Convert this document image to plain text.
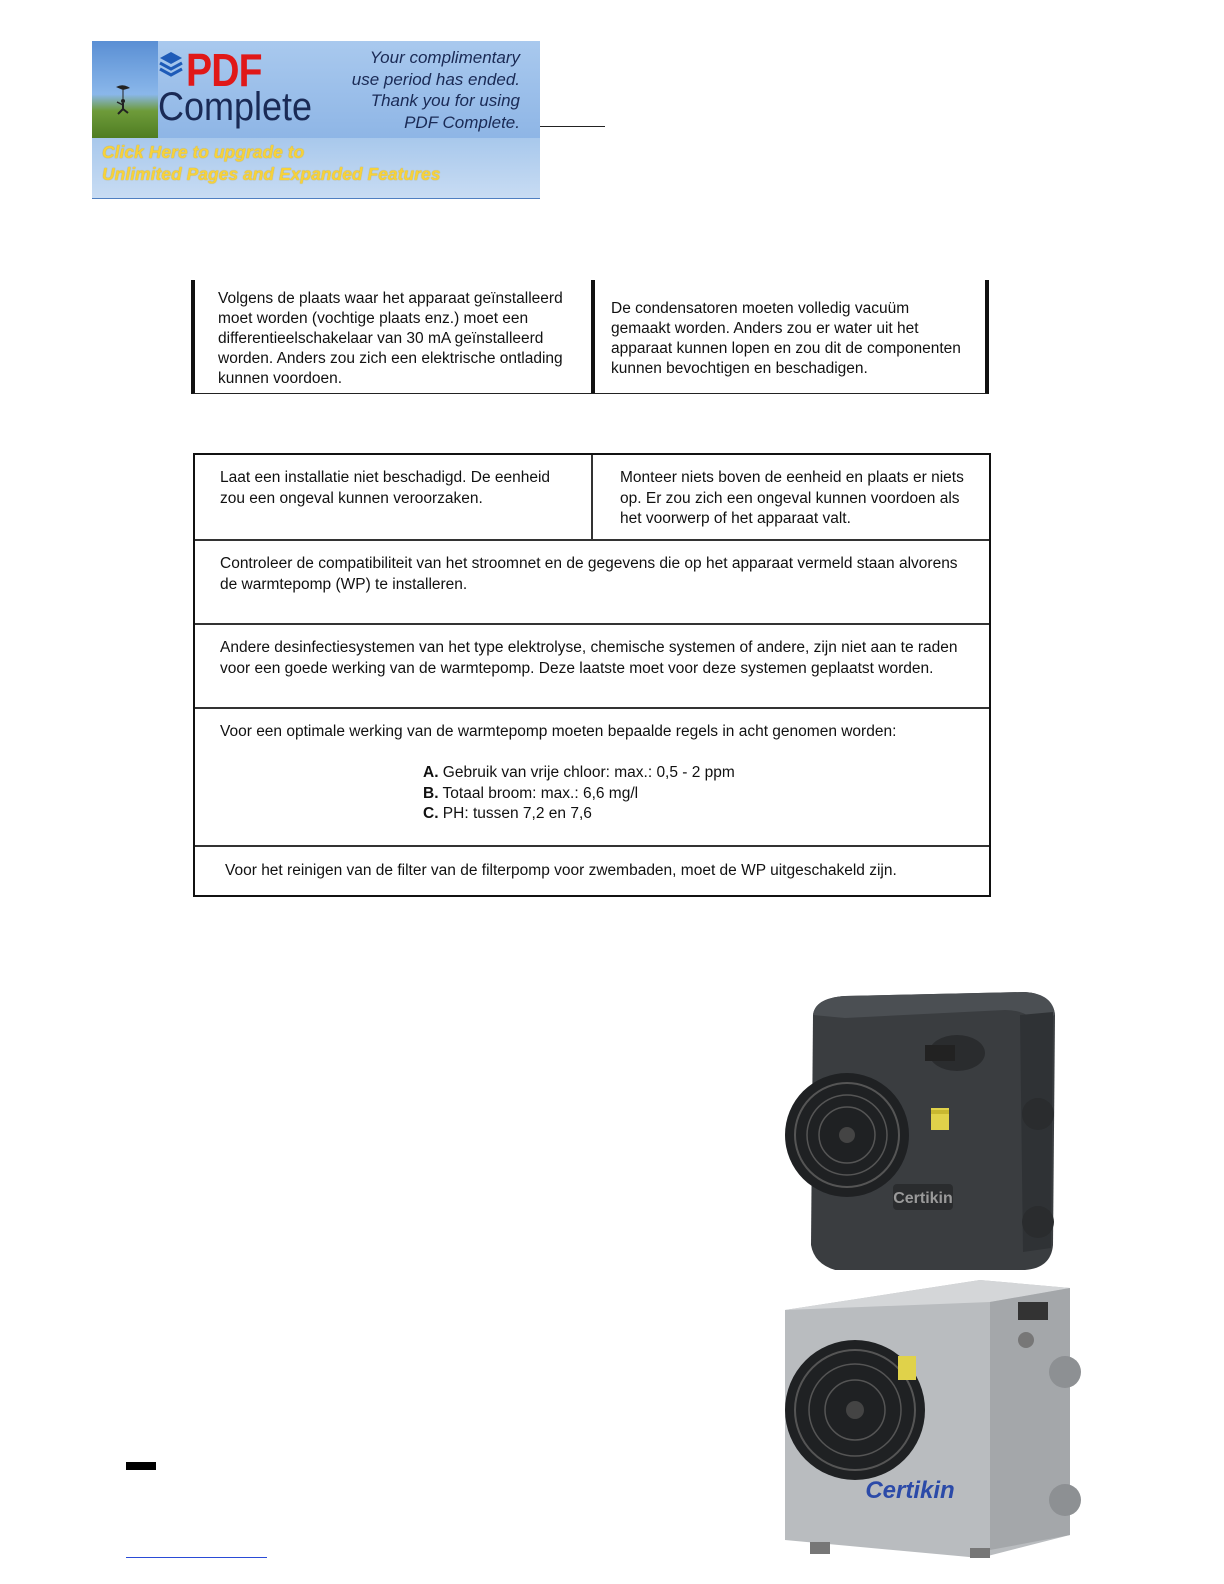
PDF
Complete
Your complimentary
use period has ended.
Thank you for using
PDF Complete.
Click Here to upgrade to
Unlimited Pages and Expanded Features
Volgens de plaats waar het apparaat geïnstalleerd moet worden (vochtige plaats enz.) moet een differentieelschakelaar van 30 mA geïnstalleerd worden. Anders zou zich een elektrische ontlading kunnen voordoen.
De condensatoren moeten volledig vacuüm gemaakt worden. Anders zou er water uit het apparaat kunnen lopen en zou dit de componenten kunnen bevochtigen en beschadigen.
Laat een installatie niet beschadigd. De eenheid zou een ongeval kunnen veroorzaken.
Monteer niets boven de eenheid en plaats er niets op. Er zou zich een ongeval kunnen voordoen als het voorwerp of het apparaat valt.
Controleer de compatibiliteit van het stroomnet en de gegevens die op het apparaat vermeld staan alvorens de warmtepomp (WP) te installeren.
Andere desinfectiesystemen van het type elektrolyse, chemische systemen of andere, zijn niet aan te raden voor een goede werking van de warmtepomp. Deze laatste moet voor deze systemen geplaatst worden.
Voor een optimale werking van de warmtepomp moeten bepaalde regels in acht genomen worden:
A. Gebruik van vrije chloor: max.: 0,5 - 2 ppm
B. Totaal broom: max.: 6,6 mg/l
C. PH: tussen 7,2 en 7,6
Voor het reinigen van de filter van de filterpomp voor zwembaden, moet de WP uitgeschakeld zijn.
Certikin
Certikin
